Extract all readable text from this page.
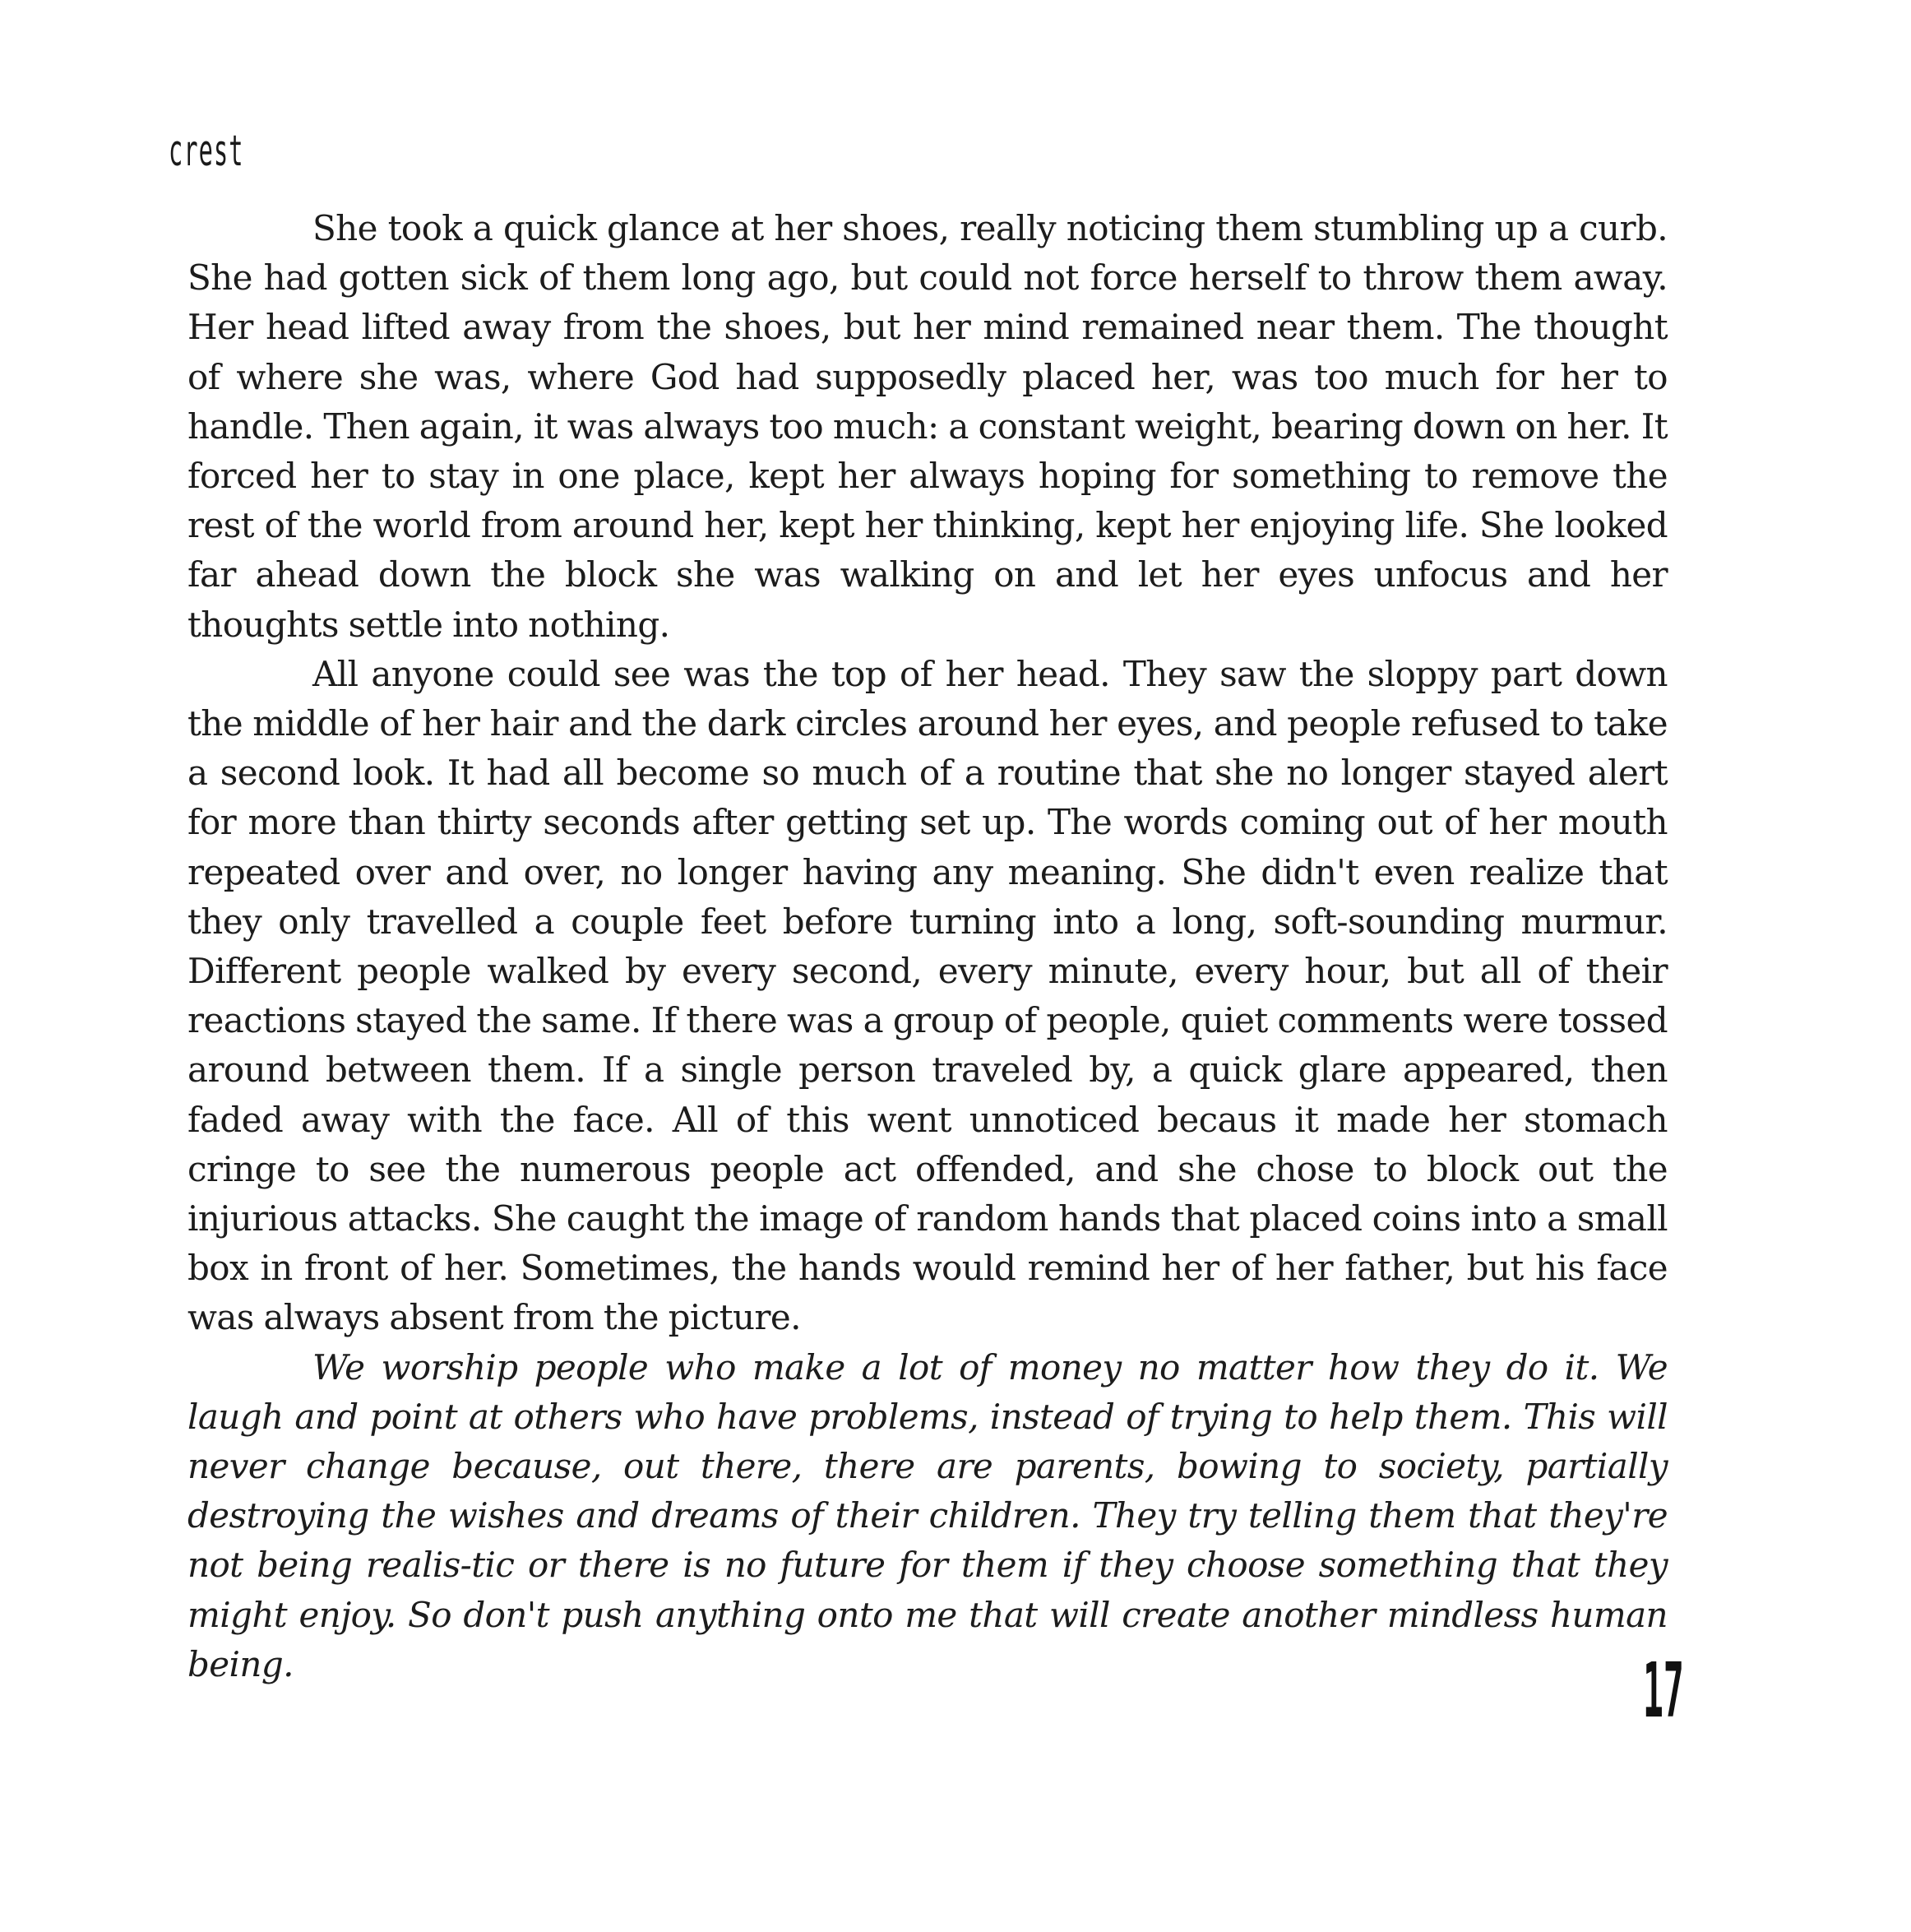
crest

She took a quick glance at her shoes, really noticing them stumbling up a curb. She had gotten sick of them long ago, but could not force herself to throw them away. Her head lifted away from the shoes, but her mind remained near them. The thought of where she was, where God had supposedly placed her, was too much for her to handle. Then again, it was always too much: a constant weight, bearing down on her. It forced her to stay in one place, kept her always hoping for something to remove the rest of the world from around her, kept her thinking, kept her enjoying life. She looked far ahead down the block she was walking on and let her eyes unfocus and her thoughts settle into nothing.

All anyone could see was the top of her head. They saw the sloppy part down the middle of her hair and the dark circles around her eyes, and people refused to take a second look. It had all become so much of a routine that she no longer stayed alert for more than thirty seconds after getting set up. The words coming out of her mouth repeated over and over, no longer having any meaning. She didn't even realize that they only travelled a couple feet before turning into a long, soft-sounding murmur. Different people walked by every second, every minute, every hour, but all of their reactions stayed the same. If there was a group of people, quiet comments were tossed around between them. If a single person traveled by, a quick glare appeared, then faded away with the face. All of this went unnoticed becaus it made her stomach cringe to see the numerous people act offended, and she chose to block out the injurious attacks. She caught the image of random hands that placed coins into a small box in front of her. Sometimes, the hands would remind her of her father, but his face was always absent from the picture.

We worship people who make a lot of money no matter how they do it. We laugh and point at others who have problems, instead of trying to help them. This will never change because, out there, there are parents, bowing to society, partially destroying the wishes and dreams of their children. They try telling them that they're not being realis-tic or there is no future for them if they choose something that they might enjoy. So don't push anything onto me that will create another mindless human being.	17
